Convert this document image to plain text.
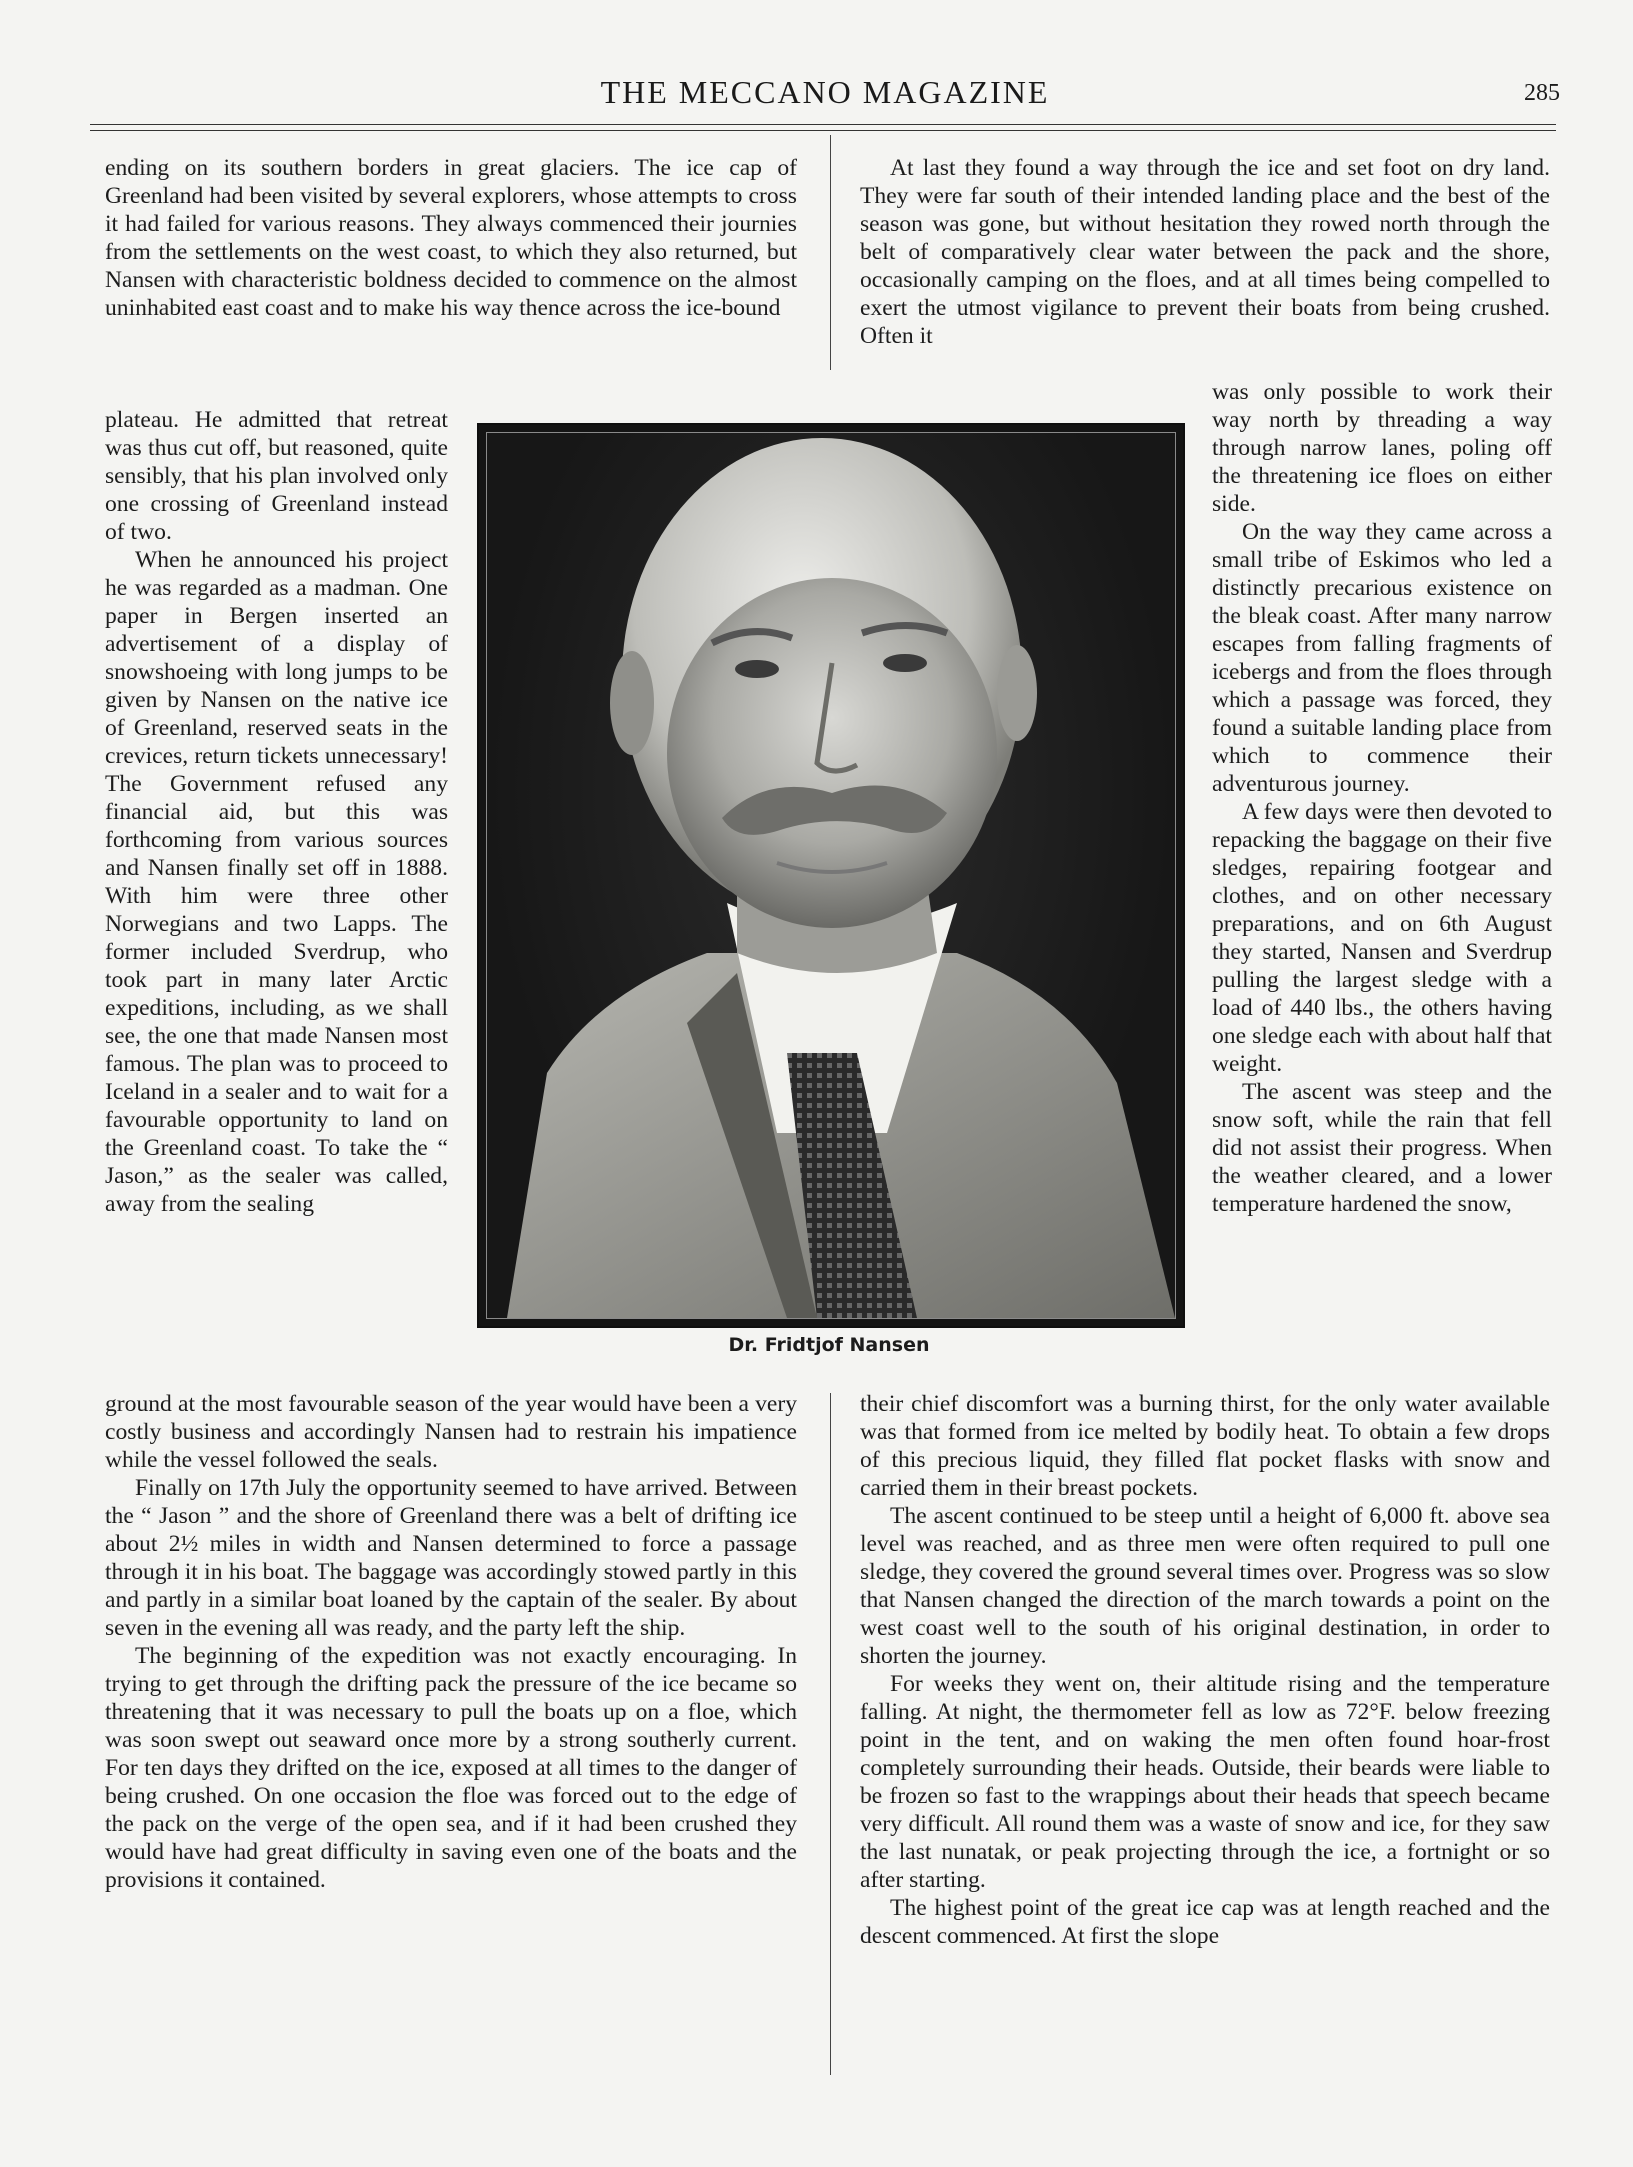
THE MECCANO MAGAZINE	285

ending on its southern borders in great glaciers. The ice cap of Greenland had been visited by several explorers, whose attempts to cross it had failed for various reasons. They always commenced their journies from the settlements on the west coast, to which they also returned, but Nansen with characteristic boldness decided to commence on the almost uninhabited east coast and to make his way thence across the ice-bound

plateau. He admitted that retreat was thus cut off, but reasoned, quite sensibly, that his plan involved only one crossing of Greenland instead of two.

When he announced his project he was regarded as a madman. One paper in Bergen inserted an advertisement of a display of snowshoeing with long jumps to be given by Nansen on the native ice of Greenland, reserved seats in the crevices, return tickets unnecessary! The Government refused any financial aid, but this was forthcoming from various sources and Nansen finally set off in 1888. With him were three other Norwegians and two Lapps. The former included Sverdrup, who took part in many later Arctic expeditions, including, as we shall see, the one that made Nansen most famous. The plan was to proceed to Iceland in a sealer and to wait for a favourable opportunity to land on the Greenland coast. To take the “ Jason,” as the sealer was called, away from the sealing

ground at the most favourable season of the year would have been a very costly business and accordingly Nansen had to restrain his impatience while the vessel followed the seals.

Finally on 17th July the opportunity seemed to have arrived. Between the “ Jason ” and the shore of Greenland there was a belt of drifting ice about 2½ miles in width and Nansen determined to force a passage through it in his boat. The baggage was accordingly stowed partly in this and partly in a similar boat loaned by the captain of the sealer. By about seven in the evening all was ready, and the party left the ship.

The beginning of the expedition was not exactly encouraging. In trying to get through the drifting pack the pressure of the ice became so threatening that it was necessary to pull the boats up on a floe, which was soon swept out seaward once more by a strong southerly current. For ten days they drifted on the ice, exposed at all times to the danger of being crushed. On one occasion the floe was forced out to the edge of the pack on the verge of the open sea, and if it had been crushed they would have had great difficulty in saving even one of the boats and the provisions it contained.

At last they found a way through the ice and set foot on dry land. They were far south of their intended landing place and the best of the season was gone, but without hesitation they rowed north through the belt of comparatively clear water between the pack and the shore, occasionally camping on the floes, and at all times being compelled to exert the utmost vigilance to prevent their boats from being crushed. Often it

was only possible to work their way north by threading a way through narrow lanes, poling off the threatening ice floes on either side.

On the way they came across a small tribe of Eskimos who led a distinctly precarious existence on the bleak coast. After many narrow escapes from falling fragments of icebergs and from the floes through which a passage was forced, they found a suitable landing place from which to commence their adventurous journey.

A few days were then devoted to repacking the baggage on their five sledges, repairing footgear and clothes, and on other necessary preparations, and on 6th August they started, Nansen and Sverdrup pulling the largest sledge with a load of 440 lbs., the others having one sledge each with about half that weight.

The ascent was steep and the snow soft, while the rain that fell did not assist their progress. When the weather cleared, and a lower temperature hardened the snow,

their chief discomfort was a burning thirst, for the only water available was that formed from ice melted by bodily heat. To obtain a few drops of this precious liquid, they filled flat pocket flasks with snow and carried them in their breast pockets.

The ascent continued to be steep until a height of 6,000 ft. above sea level was reached, and as three men were often required to pull one sledge, they covered the ground several times over. Progress was so slow that Nansen changed the direction of the march towards a point on the west coast well to the south of his original destination, in order to shorten the journey.

For weeks they went on, their altitude rising and the temperature falling. At night, the thermometer fell as low as 72°F. below freezing point in the tent, and on waking the men often found hoar-frost completely surrounding their heads. Outside, their beards were liable to be frozen so fast to the wrappings about their heads that speech became very difficult. All round them was a waste of snow and ice, for they saw the last nunatak, or peak projecting through the ice, a fortnight or so after starting.

The highest point of the great ice cap was at length reached and the descent commenced. At first the slope

Dr. Fridtjof Nansen
